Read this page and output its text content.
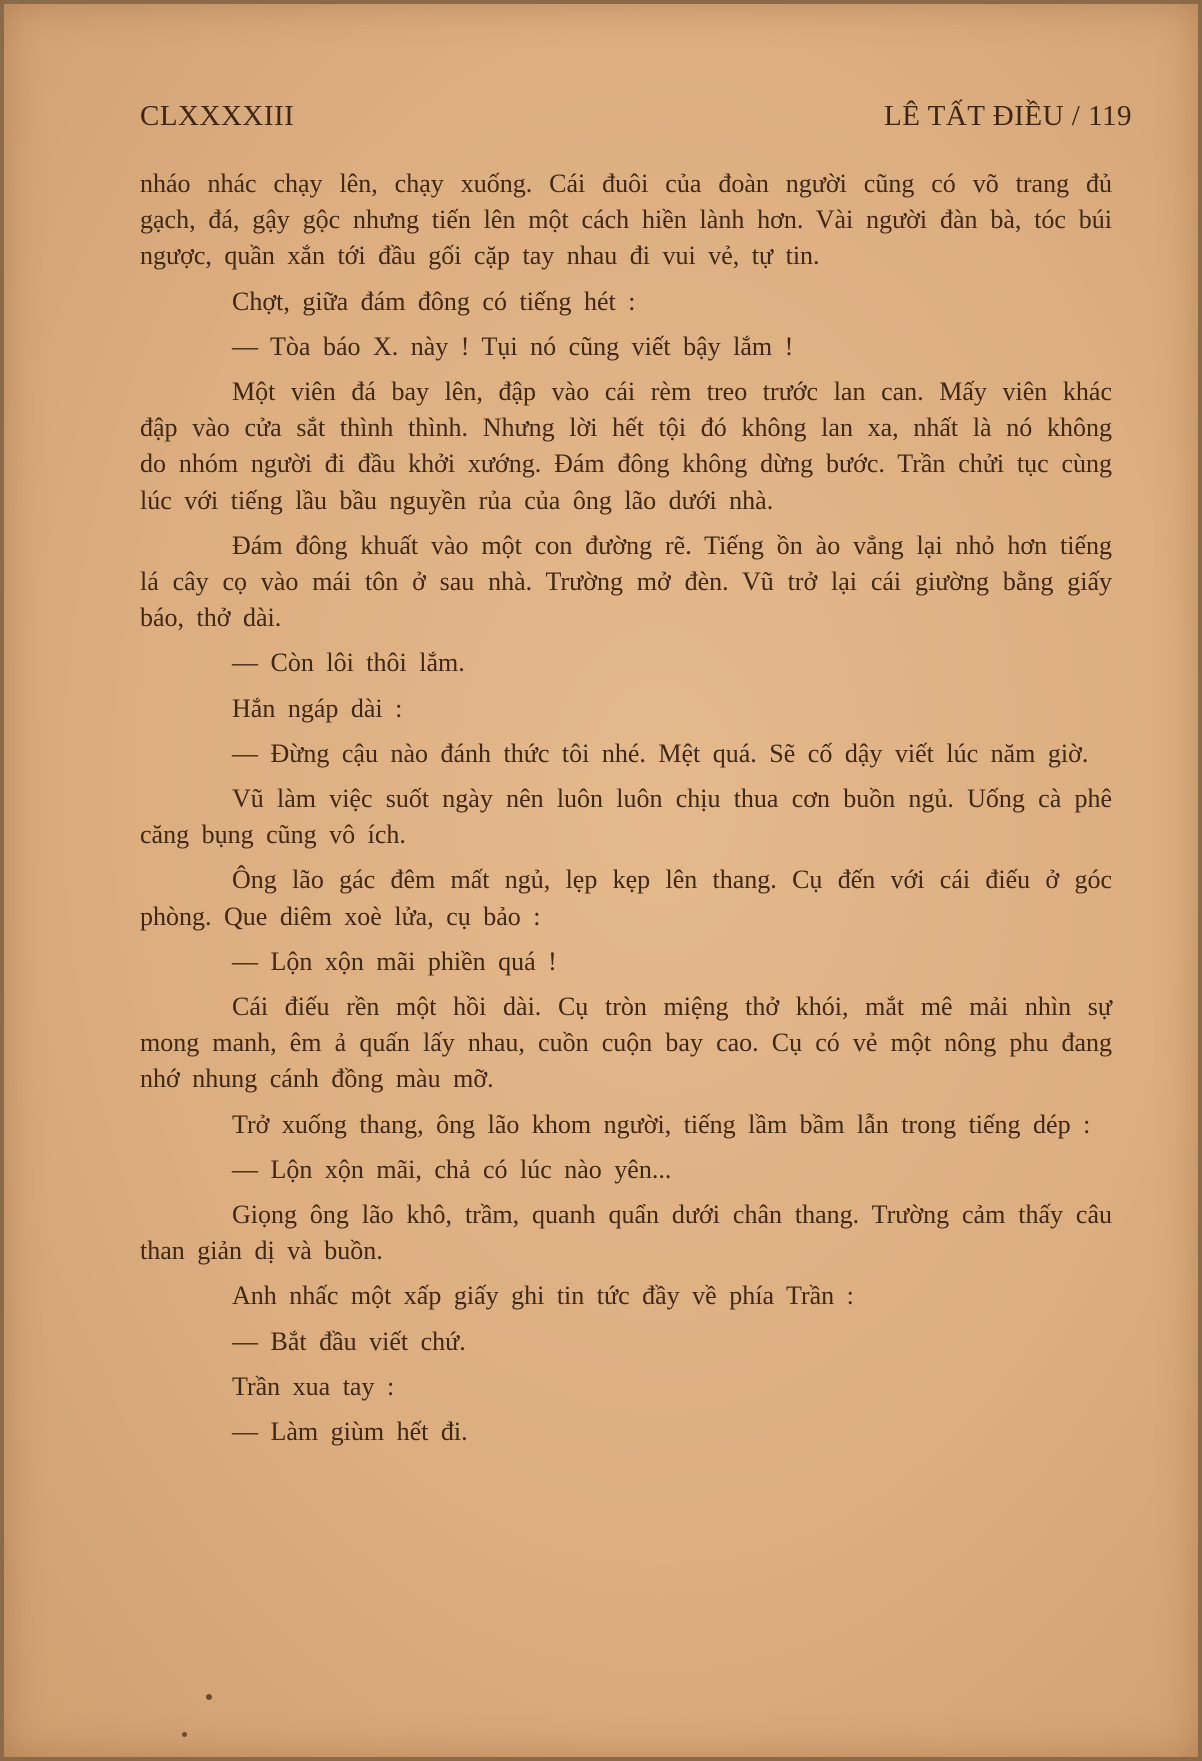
CLXXXXIII	LÊ TẤT ĐIỀU / 119

nháo nhác chạy lên, chạy xuống. Cái đuôi của đoàn người cũng có võ trang đủ gạch, đá, gậy gộc nhưng tiến lên một cách hiền lành hơn. Vài người đàn bà, tóc búi ngược, quần xắn tới đầu gối cặp tay nhau đi vui vẻ, tự tin.

Chợt, giữa đám đông có tiếng hét :

— Tòa báo X. này ! Tụi nó cũng viết bậy lắm !

Một viên đá bay lên, đập vào cái rèm treo trước lan can. Mấy viên khác đập vào cửa sắt thình thình. Nhưng lời hết tội đó không lan xa, nhất là nó không do nhóm người đi đầu khởi xướng. Đám đông không dừng bước. Trần chửi tục cùng lúc với tiếng lầu bầu nguyền rủa của ông lão dưới nhà.

Đám đông khuất vào một con đường rẽ. Tiếng ồn ào vẳng lại nhỏ hơn tiếng lá cây cọ vào mái tôn ở sau nhà. Trường mở đèn. Vũ trở lại cái giường bằng giấy báo, thở dài.

— Còn lôi thôi lắm.

Hắn ngáp dài :

— Đừng cậu nào đánh thức tôi nhé. Mệt quá. Sẽ cố dậy viết lúc năm giờ.

Vũ làm việc suốt ngày nên luôn luôn chịu thua cơn buồn ngủ. Uống cà phê căng bụng cũng vô ích.

Ông lão gác đêm mất ngủ, lẹp kẹp lên thang. Cụ đến với cái điếu ở góc phòng. Que diêm xoè lửa, cụ bảo :

— Lộn xộn mãi phiền quá !

Cái điếu rền một hồi dài. Cụ tròn miệng thở khói, mắt mê mải nhìn sự mong manh, êm ả quấn lấy nhau, cuồn cuộn bay cao. Cụ có vẻ một nông phu đang nhớ nhung cánh đồng màu mỡ.

Trở xuống thang, ông lão khom người, tiếng lầm bầm lẫn trong tiếng dép :

— Lộn xộn mãi, chả có lúc nào yên...

Giọng ông lão khô, trầm, quanh quẩn dưới chân thang. Trường cảm thấy câu than giản dị và buồn.

Anh nhấc một xấp giấy ghi tin tức đầy về phía Trần :

— Bắt đầu viết chứ.

Trần xua tay :

— Làm giùm hết đi.
